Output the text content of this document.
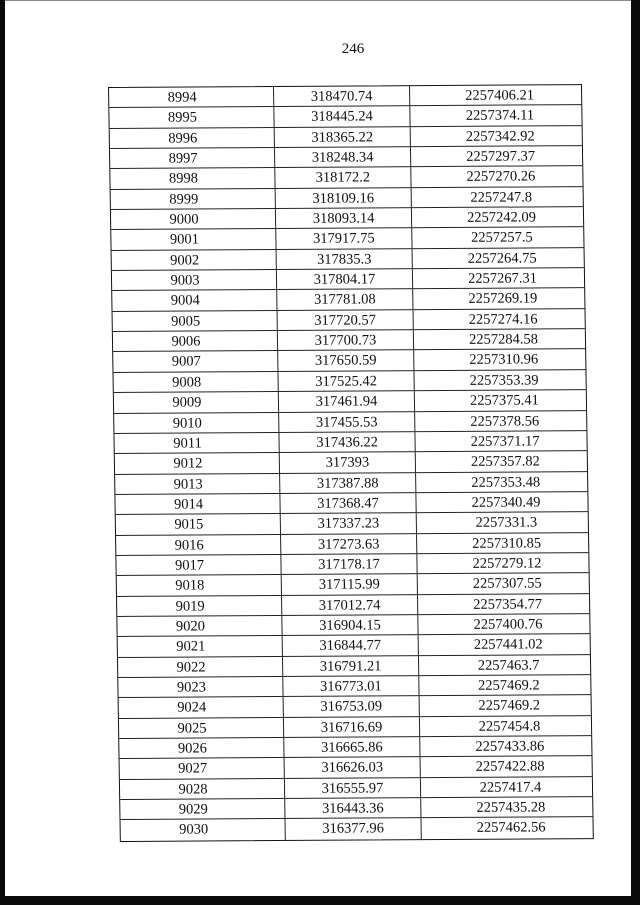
246
8994	318470.74	2257406.21
8995	318445.24	2257374.11
8996	318365.22	2257342.92
8997	318248.34	2257297.37
8998	318172.2	2257270.26
8999	318109.16	2257247.8
9000	318093.14	2257242.09
9001	317917.75	2257257.5
9002	317835.3	2257264.75
9003	317804.17	2257267.31
9004	317781.08	2257269.19
9005	317720.57	2257274.16
9006	317700.73	2257284.58
9007	317650.59	2257310.96
9008	317525.42	2257353.39
9009	317461.94	2257375.41
9010	317455.53	2257378.56
9011	317436.22	2257371.17
9012	317393	2257357.82
9013	317387.88	2257353.48
9014	317368.47	2257340.49
9015	317337.23	2257331.3
9016	317273.63	2257310.85
9017	317178.17	2257279.12
9018	317115.99	2257307.55
9019	317012.74	2257354.77
9020	316904.15	2257400.76
9021	316844.77	2257441.02
9022	316791.21	2257463.7
9023	316773.01	2257469.2
9024	316753.09	2257469.2
9025	316716.69	2257454.8
9026	316665.86	2257433.86
9027	316626.03	2257422.88
9028	316555.97	2257417.4
9029	316443.36	2257435.28
9030	316377.96	2257462.56
